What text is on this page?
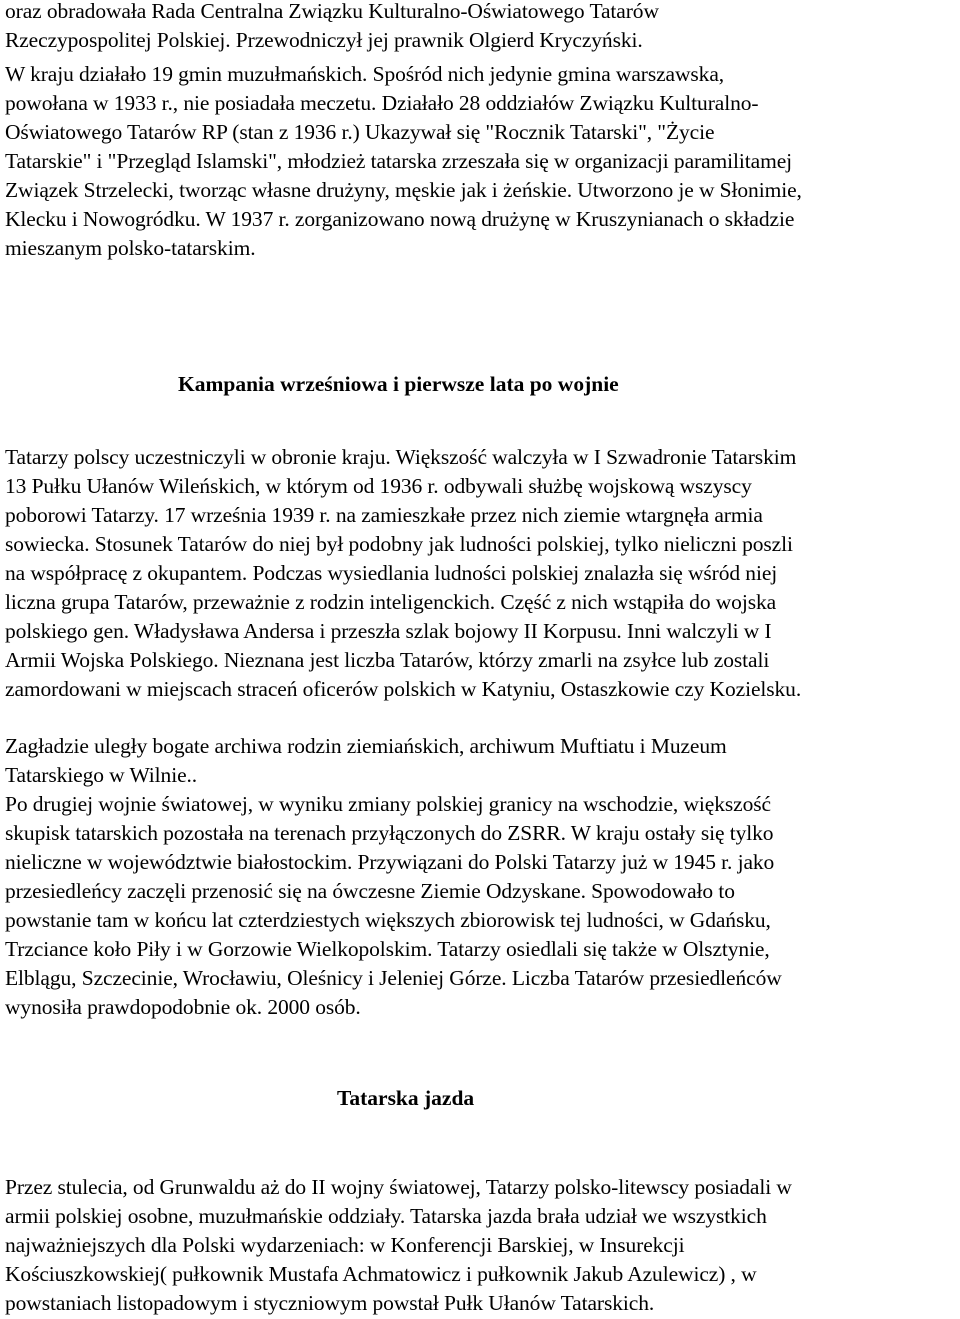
oraz obradowała Rada Centralna Związku Kulturalno-Oświatowego Tatarów
Rzeczypospolitej Polskiej. Przewodniczył jej prawnik Olgierd Kryczyński.
W kraju działało 19 gmin muzułmańskich. Spośród nich jedynie gmina warszawska,
powołana w 1933 r., nie posiadała meczetu. Działało 28 oddziałów Związku Kulturalno-
Oświatowego Tatarów RP (stan z 1936 r.) Ukazywał się "Rocznik Tatarski", "Życie
Tatarskie" i "Przegląd Islamski", młodzież tatarska zrzeszała się w organizacji paramilitamej
Związek Strzelecki, tworząc własne drużyny, męskie jak i żeńskie. Utworzono je w Słonimie,
Klecku i Nowogródku. W 1937 r. zorganizowano nową drużynę w Kruszynianach o składzie
mieszanym polsko-tatarskim.
Kampania wrześniowa i pierwsze lata po wojnie
Tatarzy polscy uczestniczyli w obronie kraju. Większość walczyła w I Szwadronie Tatarskim
13 Pułku Ułanów Wileńskich, w którym od 1936 r. odbywali służbę wojskową wszyscy
poborowi Tatarzy. 17 września 1939 r. na zamieszkałe przez nich ziemie wtargnęła armia
sowiecka. Stosunek Tatarów do niej był podobny jak ludności polskiej, tylko nieliczni poszli
na współpracę z okupantem. Podczas wysiedlania ludności polskiej znalazła się wśród niej
liczna grupa Tatarów, przeważnie z rodzin inteligenckich. Część z nich wstąpiła do wojska
polskiego gen. Władysława Andersa i przeszła szlak bojowy II Korpusu. Inni walczyli w I
Armii Wojska Polskiego. Nieznana jest liczba Tatarów, którzy zmarli na zsyłce lub zostali
zamordowani w miejscach straceń oficerów polskich w Katyniu, Ostaszkowie czy Kozielsku.
Zagładzie uległy bogate archiwa rodzin ziemiańskich, archiwum Muftiatu i Muzeum
Tatarskiego w Wilnie..
Po drugiej wojnie światowej, w wyniku zmiany polskiej granicy na wschodzie, większość
skupisk tatarskich pozostała na terenach przyłączonych do ZSRR. W kraju ostały się tylko
nieliczne w województwie białostockim. Przywiązani do Polski Tatarzy już w 1945 r. jako
przesiedleńcy zaczęli przenosić się na ówczesne Ziemie Odzyskane. Spowodowało to
powstanie tam w końcu lat czterdziestych większych zbiorowisk tej ludności, w Gdańsku,
Trzciance koło Piły i w Gorzowie Wielkopolskim. Tatarzy osiedlali się także w Olsztynie,
Elblągu, Szczecinie, Wrocławiu, Oleśnicy i Jeleniej Górze. Liczba Tatarów przesiedleńców
wynosiła prawdopodobnie ok. 2000 osób.
Tatarska jazda
Przez stulecia, od Grunwaldu aż do II wojny światowej, Tatarzy polsko-litewscy posiadali w
armii polskiej osobne, muzułmańskie oddziały. Tatarska jazda brała udział we wszystkich
najważniejszych dla Polski wydarzeniach: w Konferencji Barskiej, w Insurekcji
Kościuszkowskiej( pułkownik Mustafa Achmatowicz i pułkownik Jakub Azulewicz) , w
powstaniach listopadowym i styczniowym powstał Pułk Ułanów Tatarskich.
